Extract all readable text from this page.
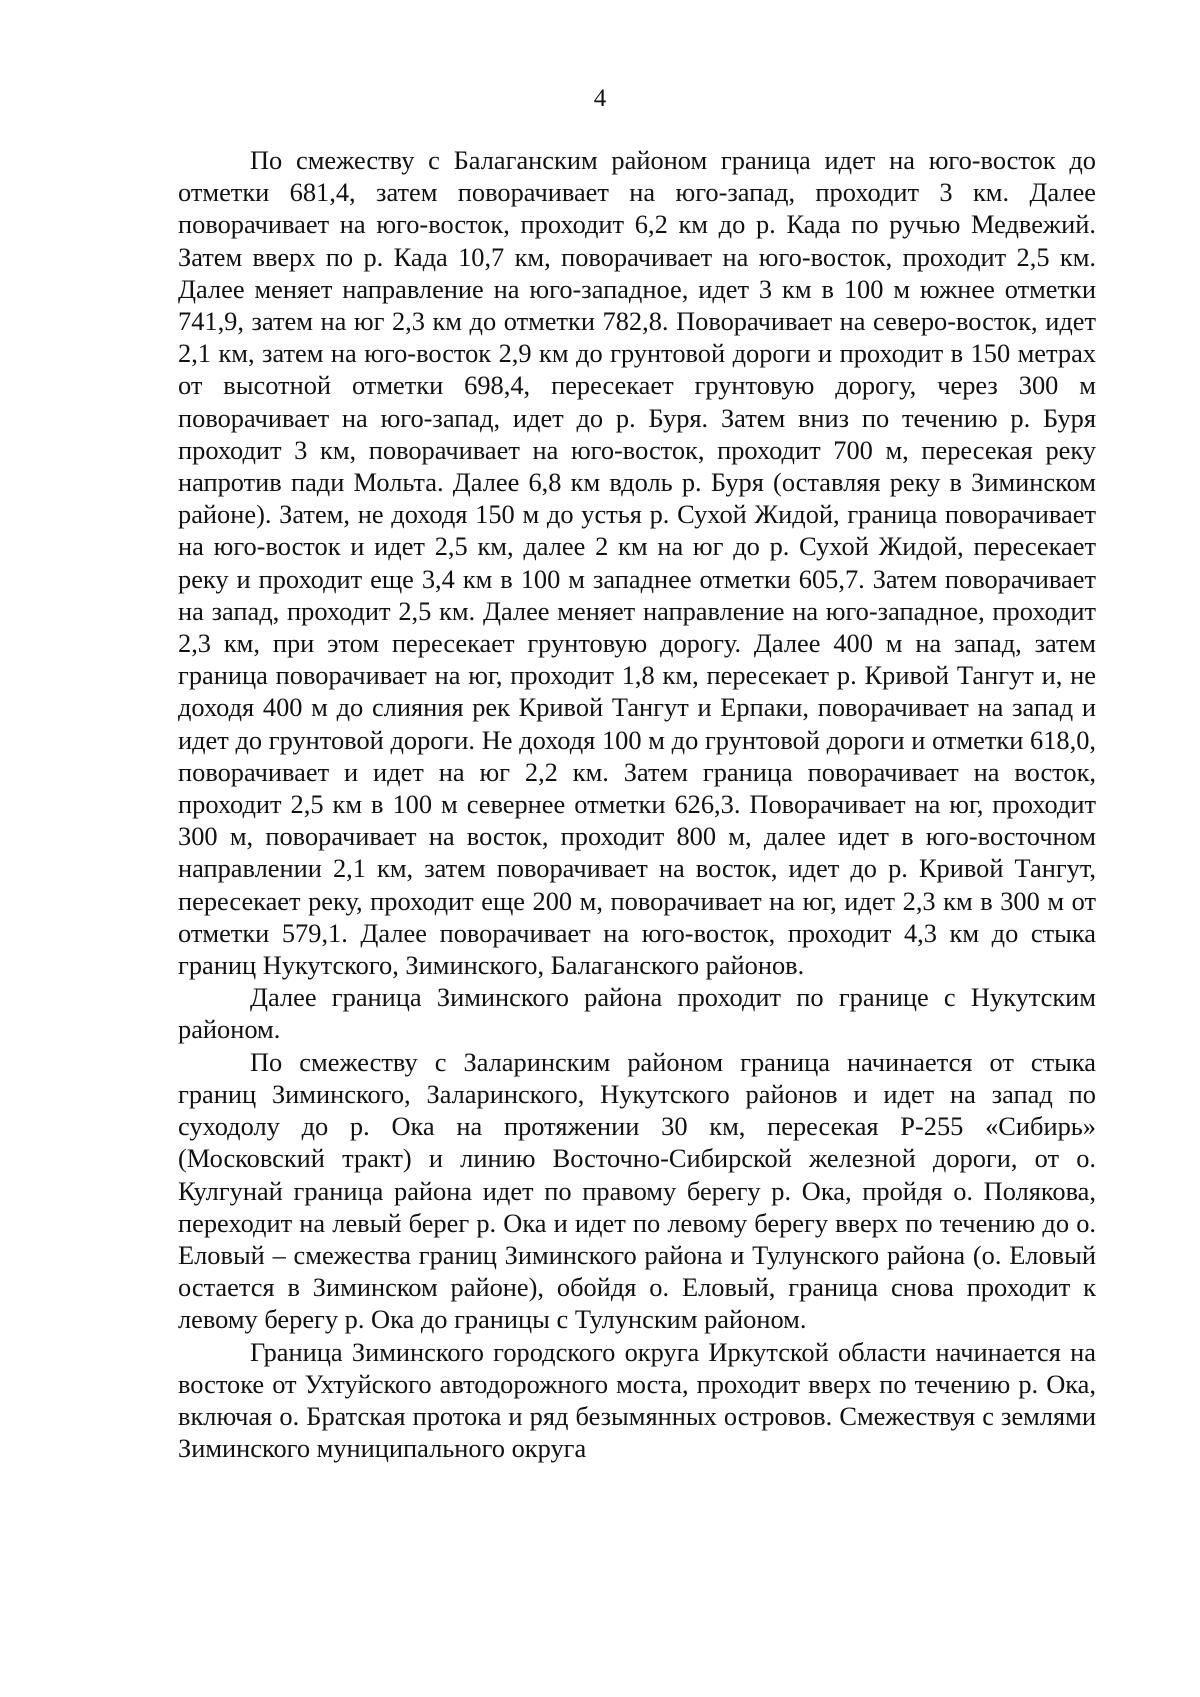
4

По смежеству с Балаганским районом граница идет на юго-восток до отметки 681,4, затем поворачивает на юго-запад, проходит 3 км. Далее поворачивает на юго-восток, проходит 6,2 км до р. Када по ручью Медвежий. Затем вверх по р. Када 10,7 км, поворачивает на юго-восток, проходит 2,5 км. Далее меняет направление на юго-западное, идет 3 км в 100 м южнее отметки 741,9, затем на юг 2,3 км до отметки 782,8. Поворачивает на северо-восток, идет 2,1 км, затем на юго-восток 2,9 км до грунтовой дороги и проходит в 150 метрах от высотной отметки 698,4, пересекает грунтовую дорогу, через 300 м поворачивает на юго-запад, идет до р. Буря. Затем вниз по течению р. Буря проходит 3 км, поворачивает на юго-восток, проходит 700 м, пересекая реку напротив пади Мольта. Далее 6,8 км вдоль р. Буря (оставляя реку в Зиминском районе). Затем, не доходя 150 м до устья р. Сухой Жидой, граница поворачивает на юго-восток и идет 2,5 км, далее 2 км на юг до р. Сухой Жидой, пересекает реку и проходит еще 3,4 км в 100 м западнее отметки 605,7. Затем поворачивает на запад, проходит 2,5 км. Далее меняет направление на юго-западное, проходит 2,3 км, при этом пересекает грунтовую дорогу. Далее 400 м на запад, затем граница поворачивает на юг, проходит 1,8 км, пересекает р. Кривой Тангут и, не доходя 400 м до слияния рек Кривой Тангут и Ерпаки, поворачивает на запад и идет до грунтовой дороги. Не доходя 100 м до грунтовой дороги и отметки 618,0, поворачивает и идет на юг 2,2 км. Затем граница поворачивает на восток, проходит 2,5 км в 100 м севернее отметки 626,3. Поворачивает на юг, проходит 300 м, поворачивает на восток, проходит 800 м, далее идет в юго-восточном направлении 2,1 км, затем поворачивает на восток, идет до р. Кривой Тангут, пересекает реку, проходит еще 200 м, поворачивает на юг, идет 2,3 км в 300 м от отметки 579,1. Далее поворачивает на юго-восток, проходит 4,3 км до стыка границ Нукутского, Зиминского, Балаганского районов.

Далее граница Зиминского района проходит по границе с Нукутским районом.

По смежеству с Заларинским районом граница начинается от стыка границ Зиминского, Заларинского, Нукутского районов и идет на запад по суходолу до р. Ока на протяжении 30 км, пересекая Р-255 «Сибирь» (Московский тракт) и линию Восточно-Сибирской железной дороги, от о. Кулгунай граница района идет по правому берегу р. Ока, пройдя о. Полякова, переходит на левый берег р. Ока и идет по левому берегу вверх по течению до о. Еловый – смежества границ Зиминского района и Тулунского района (о. Еловый остается в Зиминском районе), обойдя о. Еловый, граница снова проходит к левому берегу р. Ока до границы с Тулунским районом.

Граница Зиминского городского округа Иркутской области начинается на востоке от Ухтуйского автодорожного моста, проходит вверх по течению р. Ока, включая о. Братская протока и ряд безымянных островов. Смежествуя с землями Зиминского муниципального округа
